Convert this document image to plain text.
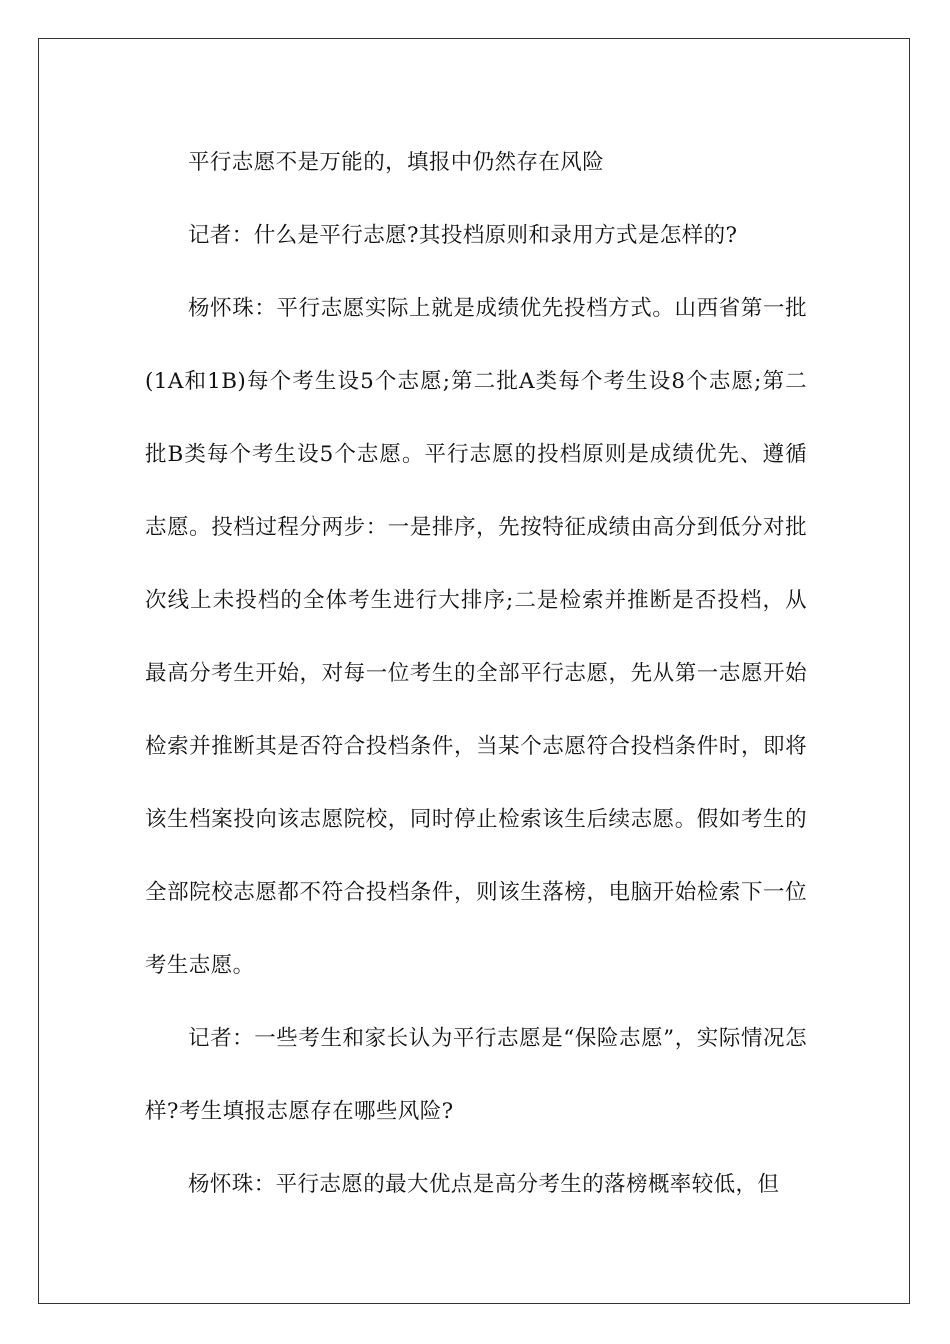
平行志愿不是万能的，填报中仍然存在风险

记者：什么是平行志愿?其投档原则和录用方式是怎样的?

杨怀珠：平行志愿实际上就是成绩优先投档方式。山西省第一批(1A和1B)每个考生设5个志愿;第二批A类每个考生设8个志愿;第二批B类每个考生设5个志愿。平行志愿的投档原则是成绩优先、遵循志愿。投档过程分两步：一是排序，先按特征成绩由高分到低分对批次线上未投档的全体考生进行大排序;二是检索并推断是否投档，从最高分考生开始，对每一位考生的全部平行志愿，先从第一志愿开始检索并推断其是否符合投档条件，当某个志愿符合投档条件时，即将该生档案投向该志愿院校，同时停止检索该生后续志愿。假如考生的全部院校志愿都不符合投档条件，则该生落榜，电脑开始检索下一位考生志愿。

记者：一些考生和家长认为平行志愿是“保险志愿”，实际情况怎样?考生填报志愿存在哪些风险?

杨怀珠：平行志愿的最大优点是高分考生的落榜概率较低，但
